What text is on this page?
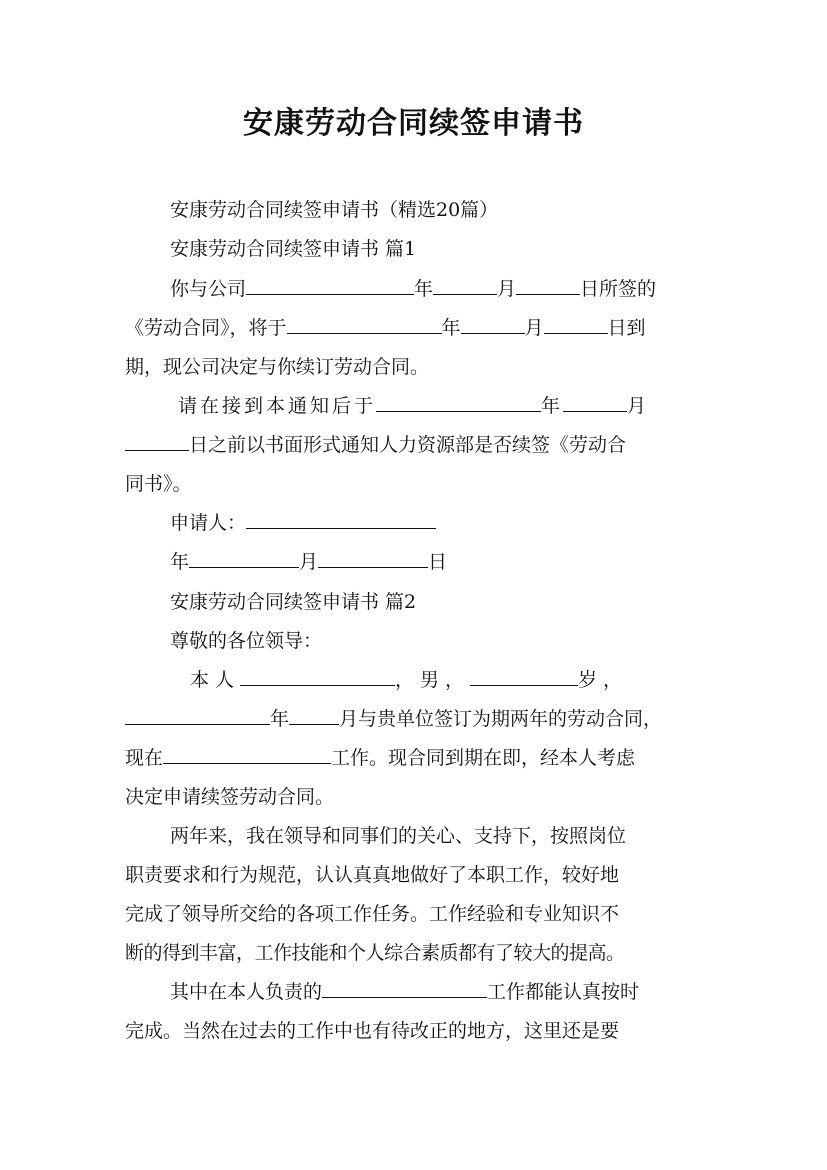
安康劳动合同续签申请书
安康劳动合同续签申请书（精选20篇）
安康劳动合同续签申请书 篇1
你与公司	年	月	日所签的
《劳动合同》，将于	年	月	日到
期，现公司决定与你续订劳动合同。
请在接到本通知后于	年	月
日之前以书面形式通知人力资源部是否续签《劳动合
同书》。
申请人：
年	月	日
安康劳动合同续签申请书 篇2
尊敬的各位领导：
本人	，男，	岁，
年	月与贵单位签订为期两年的劳动合同，
现在	工作。现合同到期在即，经本人考虑
决定申请续签劳动合同。
两年来，我在领导和同事们的关心、支持下，按照岗位
职责要求和行为规范，认认真真地做好了本职工作，较好地
完成了领导所交给的各项工作任务。工作经验和专业知识不
断的得到丰富，工作技能和个人综合素质都有了较大的提高。
其中在本人负责的	工作都能认真按时
完成。当然在过去的工作中也有待改正的地方，这里还是要
